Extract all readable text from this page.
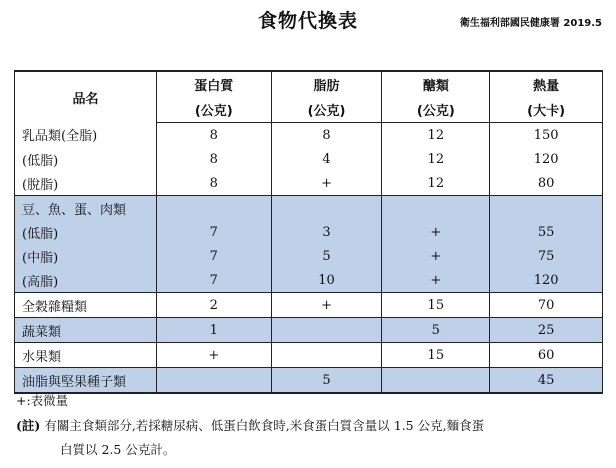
食物代換表	衛生福利部國民健康署 2019.5
品名	蛋白質	脂肪	醣類	熱量
	(公克)	(公克)	(公克)	(大卡)
乳品類(全脂)	8	8	12	150
(低脂)	8	4	12	120
(脫脂)	8	+	12	80
豆、魚、蛋、肉類				
(低脂)	7	3	+	55
(中脂)	7	5	+	75
(高脂)	7	10	+	120
全穀雜糧類	2	+	15	70
蔬菜類	1		5	25
水果類	+		15	60
油脂與堅果種子類		5		45
+:表微量
(註) 有關主食類部分,若採糖尿病、低蛋白飲食時,米食蛋白質含量以 1.5 公克,麵食蛋
白質以 2.5 公克計。
